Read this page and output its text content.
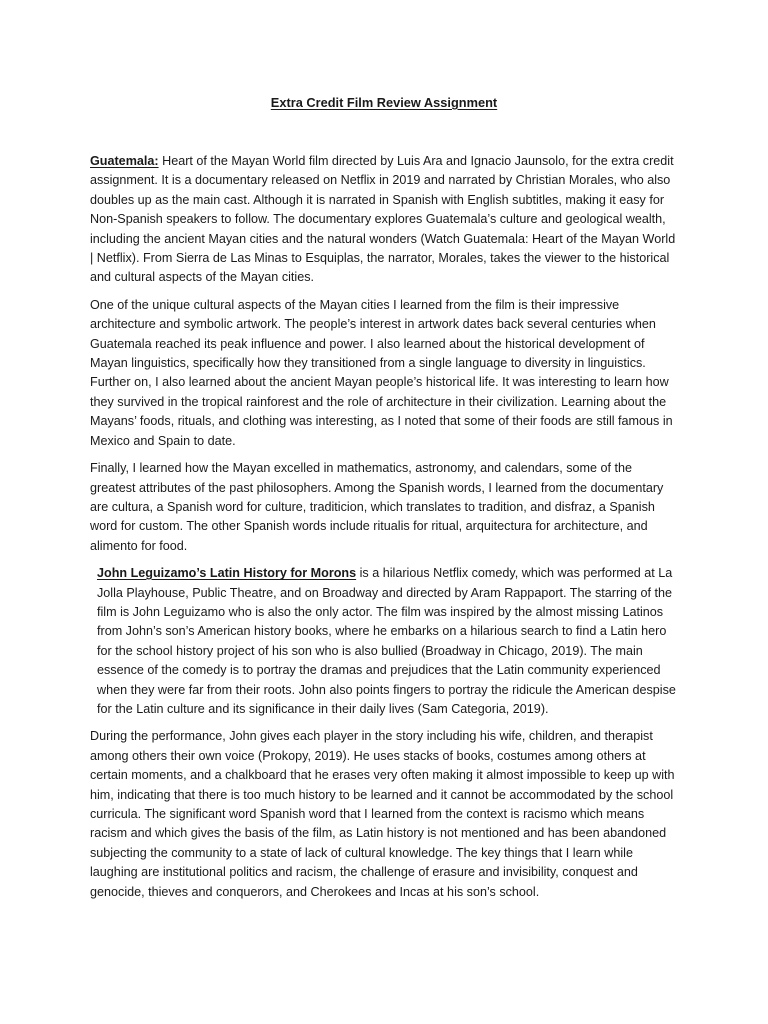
Extra Credit Film Review Assignment

Guatemala: Heart of the Mayan World film directed by Luis Ara and Ignacio Jaunsolo, for the extra credit assignment. It is a documentary released on Netflix in 2019 and narrated by Christian Morales, who also doubles up as the main cast. Although it is narrated in Spanish with English subtitles, making it easy for Non-Spanish speakers to follow. The documentary explores Guatemala’s culture and geological wealth, including the ancient Mayan cities and the natural wonders (Watch Guatemala: Heart of the Mayan World | Netflix). From Sierra de Las Minas to Esquiplas, the narrator, Morales, takes the viewer to the historical and cultural aspects of the Mayan cities.

One of the unique cultural aspects of the Mayan cities I learned from the film is their impressive architecture and symbolic artwork. The people’s interest in artwork dates back several centuries when Guatemala reached its peak influence and power. I also learned about the historical development of Mayan linguistics, specifically how they transitioned from a single language to diversity in linguistics. Further on, I also learned about the ancient Mayan people’s historical life. It was interesting to learn how they survived in the tropical rainforest and the role of architecture in their civilization. Learning about the Mayans’ foods, rituals, and clothing was interesting, as I noted that some of their foods are still famous in Mexico and Spain to date.

Finally, I learned how the Mayan excelled in mathematics, astronomy, and calendars, some of the greatest attributes of the past philosophers. Among the Spanish words, I learned from the documentary are cultura, a Spanish word for culture, traditicion, which translates to tradition, and disfraz, a Spanish word for custom. The other Spanish words include ritualis for ritual, arquitectura for architecture, and alimento for food.

John Leguizamo’s Latin History for Morons is a hilarious Netflix comedy, which was performed at La Jolla Playhouse, Public Theatre, and on Broadway and directed by Aram Rappaport. The starring of the film is John Leguizamo who is also the only actor. The film was inspired by the almost missing Latinos from John’s son’s American history books, where he embarks on a hilarious search to find a Latin hero for the school history project of his son who is also bullied (Broadway in Chicago, 2019). The main essence of the comedy is to portray the dramas and prejudices that the Latin community experienced when they were far from their roots. John also points fingers to portray the ridicule the American despise for the Latin culture and its significance in their daily lives (Sam Categoria, 2019).

During the performance, John gives each player in the story including his wife, children, and therapist among others their own voice (Prokopy, 2019). He uses stacks of books, costumes among others at certain moments, and a chalkboard that he erases very often making it almost impossible to keep up with him, indicating that there is too much history to be learned and it cannot be accommodated by the school curricula. The significant word Spanish word that I learned from the context is racismo which means racism and which gives the basis of the film, as Latin history is not mentioned and has been abandoned subjecting the community to a state of lack of cultural knowledge. The key things that I learn while laughing are institutional politics and racism, the challenge of erasure and invisibility, conquest and genocide, thieves and conquerors, and Cherokees and Incas at his son’s school.
